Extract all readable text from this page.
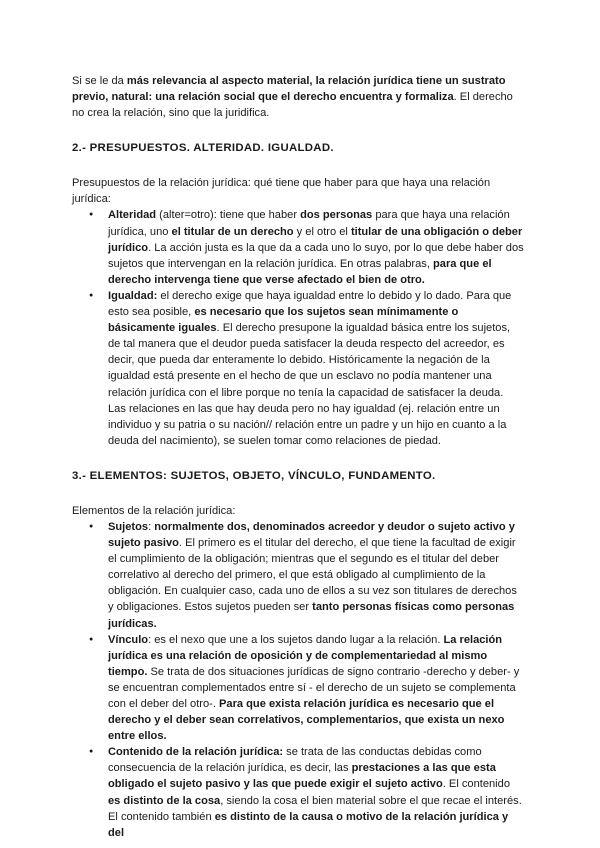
Si se le da más relevancia al aspecto material, la relación jurídica tiene un sustrato previo, natural: una relación social que el derecho encuentra y formaliza. El derecho no crea la relación, sino que la juridifica.

2.- PRESUPUESTOS. ALTERIDAD. IGUALDAD.

Presupuestos de la relación jurídica: qué tiene que haber para que haya una relación jurídica:

● Alteridad (alter=otro): tiene que haber dos personas para que haya una relación jurídica, uno el titular de un derecho y el otro el titular de una obligación o deber jurídico. La acción justa es la que da a cada uno lo suyo, por lo que debe haber dos sujetos que intervengan en la relación jurídica. En otras palabras, para que el derecho intervenga tiene que verse afectado el bien de otro.
● Igualdad: el derecho exige que haya igualdad entre lo debido y lo dado. Para que esto sea posible, es necesario que los sujetos sean mínimamente o básicamente iguales. El derecho presupone la igualdad básica entre los sujetos, de tal manera que el deudor pueda satisfacer la deuda respecto del acreedor, es decir, que pueda dar enteramente lo debido. Históricamente la negación de la igualdad está presente en el hecho de que un esclavo no podía mantener una relación jurídica con el libre porque no tenía la capacidad de satisfacer la deuda. Las relaciones en las que hay deuda pero no hay igualdad (ej. relación entre un individuo y su patria o su nación// relación entre un padre y un hijo en cuanto a la deuda del nacimiento), se suelen tomar como relaciones de piedad.
3.- ELEMENTOS: SUJETOS, OBJETO, VÍNCULO, FUNDAMENTO.

Elementos de la relación jurídica:

● Sujetos: normalmente dos, denominados acreedor y deudor o sujeto activo y sujeto pasivo. El primero es el titular del derecho, el que tiene la facultad de exigir el cumplimiento de la obligación; mientras que el segundo es el titular del deber correlativo al derecho del primero, el que está obligado al cumplimiento de la obligación. En cualquier caso, cada uno de ellos a su vez son titulares de derechos y obligaciones. Estos sujetos pueden ser tanto personas físicas como personas jurídicas.
● Vínculo: es el nexo que une a los sujetos dando lugar a la relación. La relación jurídica es una relación de oposición y de complementariedad al mismo tiempo. Se trata de dos situaciones jurídicas de signo contrario -derecho y deber- y se encuentran complementados entre sí - el derecho de un sujeto se complementa con el deber del otro-. Para que exista relación jurídica es necesario que el derecho y el deber sean correlativos, complementarios, que exista un nexo entre ellos.
● Contenido de la relación jurídica: se trata de las conductas debidas como consecuencia de la relación jurídica, es decir, las prestaciones a las que esta obligado el sujeto pasivo y las que puede exigir el sujeto activo. El contenido es distinto de la cosa, siendo la cosa el bien material sobre el que recae el interés. El contenido también es distinto de la causa o motivo de la relación jurídica y del
